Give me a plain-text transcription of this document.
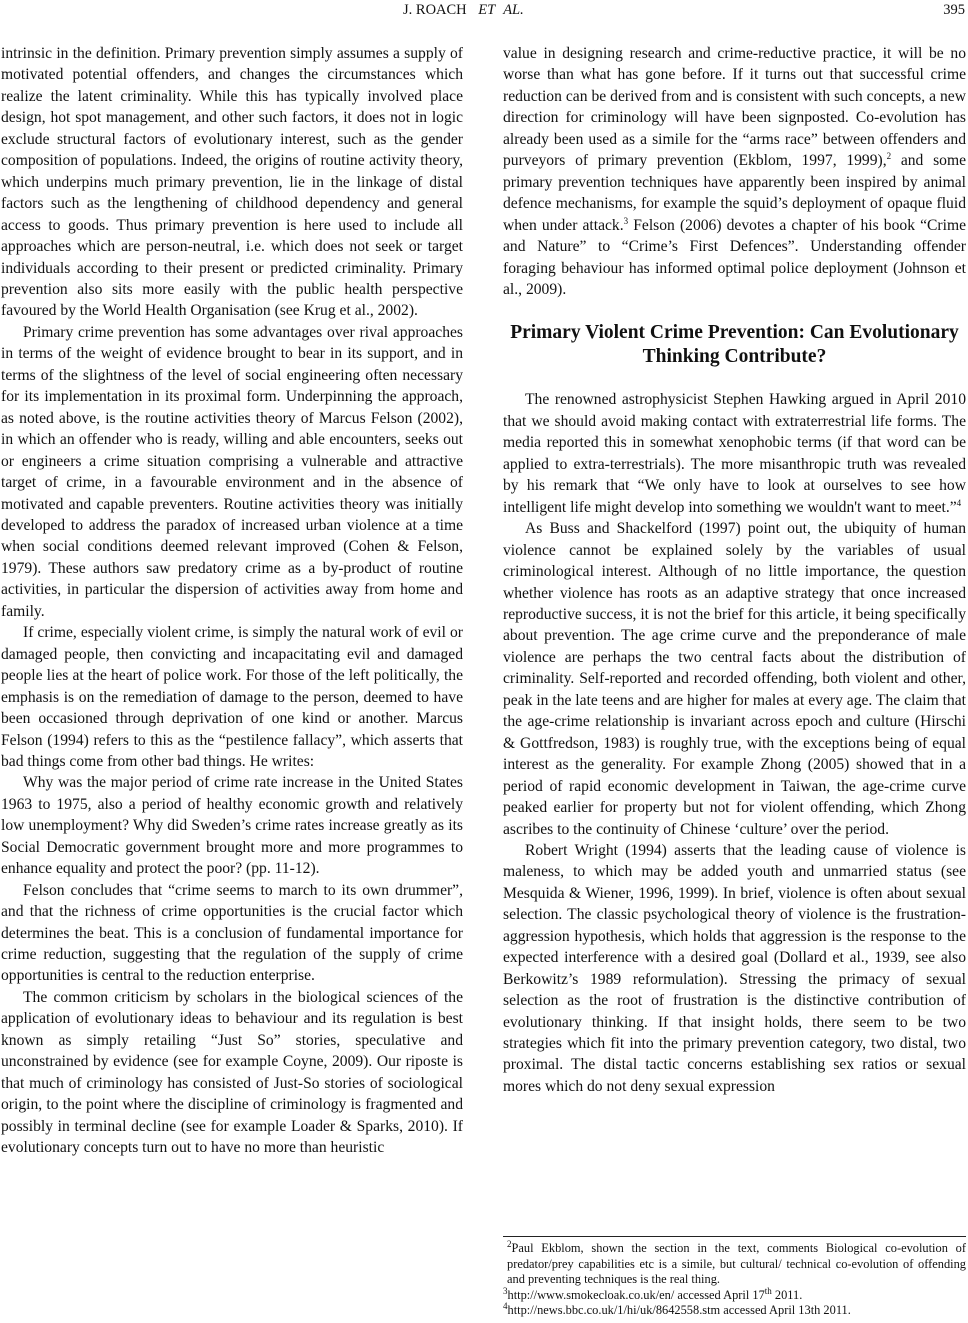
J. ROACH ET AL.	395

intrinsic in the definition. Primary prevention simply assumes a supply of motivated potential offenders, and changes the circumstances which realize the latent criminality. While this has typically involved place design, hot spot management, and other such factors, it does not in logic exclude structural factors of evolutionary interest, such as the gender composition of populations. Indeed, the origins of routine activity theory, which underpins much primary prevention, lie in the linkage of distal factors such as the lengthening of childhood dependency and general access to goods. Thus primary prevention is here used to include all approaches which are person-neutral, i.e. which does not seek or target individuals according to their present or predicted criminality. Primary prevention also sits more easily with the public health perspective favoured by the World Health Organisation (see Krug et al., 2002).

Primary crime prevention has some advantages over rival approaches in terms of the weight of evidence brought to bear in its support, and in terms of the slightness of the level of social engineering often necessary for its implementation in its proximal form. Underpinning the approach, as noted above, is the routine activities theory of Marcus Felson (2002), in which an offender who is ready, willing and able encounters, seeks out or engineers a crime situation comprising a vulnerable and attractive target of crime, in a favourable environment and in the absence of motivated and capable preventers. Routine activities theory was initially developed to address the paradox of increased urban violence at a time when social conditions deemed relevant improved (Cohen & Felson, 1979). These authors saw predatory crime as a by-product of routine activities, in particular the dispersion of activities away from home and family.

If crime, especially violent crime, is simply the natural work of evil or damaged people, then convicting and incapacitating evil and damaged people lies at the heart of police work. For those of the left politically, the emphasis is on the remediation of damage to the person, deemed to have been occasioned through deprivation of one kind or another. Marcus Felson (1994) refers to this as the “pestilence fallacy”, which asserts that bad things come from other bad things. He writes:

Why was the major period of crime rate increase in the United States 1963 to 1975, also a period of healthy economic growth and relatively low unemployment? Why did Sweden’s crime rates increase greatly as its Social Democratic government brought more and more programmes to enhance equality and protect the poor? (pp. 11-12).

Felson concludes that “crime seems to march to its own drummer”, and that the richness of crime opportunities is the crucial factor which determines the beat. This is a conclusion of fundamental importance for crime reduction, suggesting that the regulation of the supply of crime opportunities is central to the reduction enterprise.

The common criticism by scholars in the biological sciences of the application of evolutionary ideas to behaviour and its regulation is best known as simply retailing “Just So” stories, speculative and unconstrained by evidence (see for example Coyne, 2009). Our riposte is that much of criminology has consisted of Just-So stories of sociological origin, to the point where the discipline of criminology is fragmented and possibly in terminal decline (see for example Loader & Sparks, 2010). If evolutionary concepts turn out to have no more than heuristic

value in designing research and crime-reductive practice, it will be no worse than what has gone before. If it turns out that successful crime reduction can be derived from and is consistent with such concepts, a new direction for criminology will have been signposted. Co-evolution has already been used as a simile for the “arms race” between offenders and purveyors of primary prevention (Ekblom, 1997, 1999),$^2$ and some primary prevention techniques have apparently been inspired by animal defence mechanisms, for example the squid’s deployment of opaque fluid when under attack.$^3$ Felson (2006) devotes a chapter of his book “Crime and Nature” to “Crime’s First Defences”. Understanding offender foraging behaviour has informed optimal police deployment (Johnson et al., 2009).

Primary Violent Crime Prevention: Can Evolutionary Thinking Contribute?

The renowned astrophysicist Stephen Hawking argued in April 2010 that we should avoid making contact with extraterrestrial life forms. The media reported this in somewhat xenophobic terms (if that word can be applied to extra-terrestrials). The more misanthropic truth was revealed by his remark that “We only have to look at ourselves to see how intelligent life might develop into something we wouldn't want to meet.”$^4$

As Buss and Shackelford (1997) point out, the ubiquity of human violence cannot be explained solely by the variables of usual criminological interest. Although of no little importance, the question whether violence has roots as an adaptive strategy that once increased reproductive success, it is not the brief for this article, it being specifically about prevention. The age crime curve and the preponderance of male violence are perhaps the two central facts about the distribution of criminality. Self-reported and recorded offending, both violent and other, peak in the late teens and are higher for males at every age. The claim that the age-crime relationship is invariant across epoch and culture (Hirschi & Gottfredson, 1983) is roughly true, with the exceptions being of equal interest as the generality. For example Zhong (2005) showed that in a period of rapid economic development in Taiwan, the age-crime curve peaked earlier for property but not for violent offending, which Zhong ascribes to the continuity of Chinese ‘culture’ over the period.

Robert Wright (1994) asserts that the leading cause of violence is maleness, to which may be added youth and unmarried status (see Mesquida & Wiener, 1996, 1999). In brief, violence is often about sexual selection. The classic psychological theory of violence is the frustration-aggression hypothesis, which holds that aggression is the response to the expected interference with a desired goal (Dollard et al., 1939, see also Berkowitz’s 1989 reformulation). Stressing the primacy of sexual selection as the root of frustration is the distinctive contribution of evolutionary thinking. If that insight holds, there seem to be two strategies which fit into the primary prevention category, two distal, two proximal. The distal tactic concerns establishing sex ratios or sexual mores which do not deny sexual expression

$^2$Paul Ekblom, shown the section in the text, comments Biological co-evolution of predator/prey capabilities etc is a simile, but cultural/ technical co-evolution of offending and preventing techniques is the real thing.
$^3$http://www.smokecloak.co.uk/en/ accessed April 17th 2011.
$^4$http://news.bbc.co.uk/1/hi/uk/8642558.stm accessed April 13th 2011.
